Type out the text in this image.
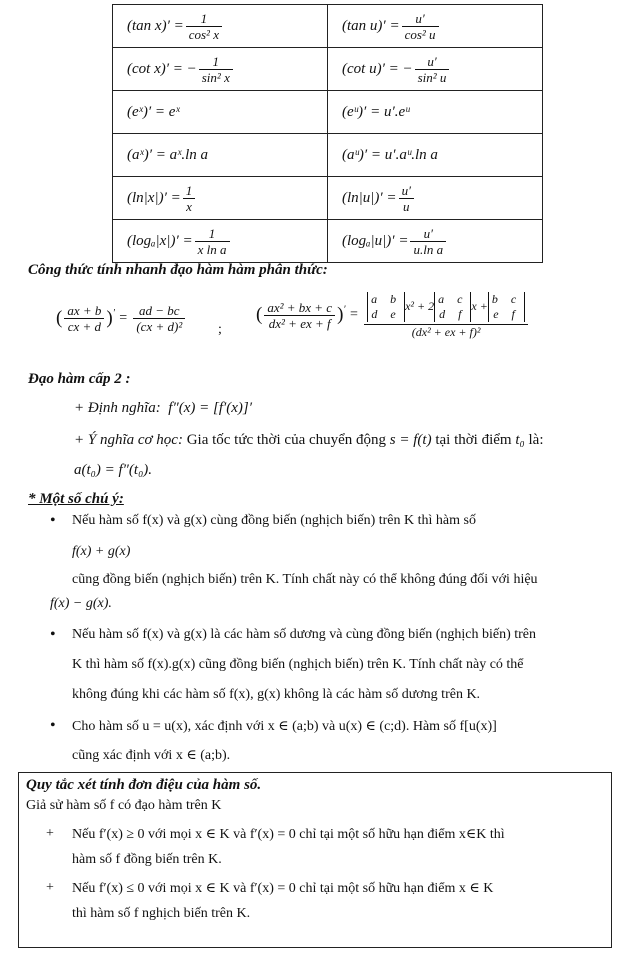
(tan $x)' = \frac{1}{\text{cos² x}}$	(tan $u)' = \frac{u'}{\text{cos² u}}$

(cot x)′ = − $\frac{1}{\text{sin² x}}$	(cot u)′ = − $\frac{u'}{\text{sin² u}}$

(eˣ)′ = eˣ	(eᵘ)′ = u′.eᵘ
(aˣ)′ = aˣ.ln a	(aᵘ)′ = u′.aᵘ.ln a
$(\ln|x|)' = \frac{1}{x}$	$(\ln|u|)' = \frac{u'}{u}$

$(\log_a|x|)' = \frac{1}{\text{x ln a}}$	$(\log_a|u|)' = \frac{u'}{\text{u.ln a}}$
Công thức tính nhanh đạo hàm hàm phân thức:
( $\frac{ax + b}{cx + d} )' = \frac{ad - bc}{\text{(cx + d)²}}$ ;
( $\frac{\text{ax² + bx + c}}{\text{dx² + ex + f}} )' = a$ b
d e
x² + 2 a c
d f
x + b c
e f
(dx² + ex + f)²
Đạo hàm cấp 2 :
+ Định nghĩa: f″(x) = [f′(x)]′
+ Ý nghĩa cơ học: Gia tốc tức thời của chuyển động s = f(t) tại thời điểm t₀ là:
a(t₀) = f″(t₀).
* Một số chú ý:
• Nếu hàm số f(x) và g(x) cùng đồng biến (nghịch biến) trên K thì hàm số
f(x) + g(x)
cũng đồng biến (nghịch biến) trên K. Tính chất này có thể không đúng đối với hiệu
f(x) − g(x).
• Nếu hàm số f(x) và g(x) là các hàm số dương và cùng đồng biến (nghịch biến) trên
K thì hàm số f(x).g(x) cũng đồng biến (nghịch biến) trên K. Tính chất này có thể
không đúng khi các hàm số f(x), g(x) không là các hàm số dương trên K.
• Cho hàm số u = u(x), xác định với x ∈ (a;b) và u(x) ∈ (c;d). Hàm số f[u(x)]
cũng xác định với x ∈ (a;b).
Quy tắc xét tính đơn điệu của hàm số.
Giả sử hàm số f có đạo hàm trên K
+ Nếu f′(x) ≥ 0 với mọi x ∈ K và f′(x) = 0 chỉ tại một số hữu hạn điểm x∈K thì
hàm số f đồng biến trên K.
+ Nếu f′(x) ≤ 0 với mọi x ∈ K và f′(x) = 0 chỉ tại một số hữu hạn điểm x ∈ K
thì hàm số f nghịch biến trên K.
